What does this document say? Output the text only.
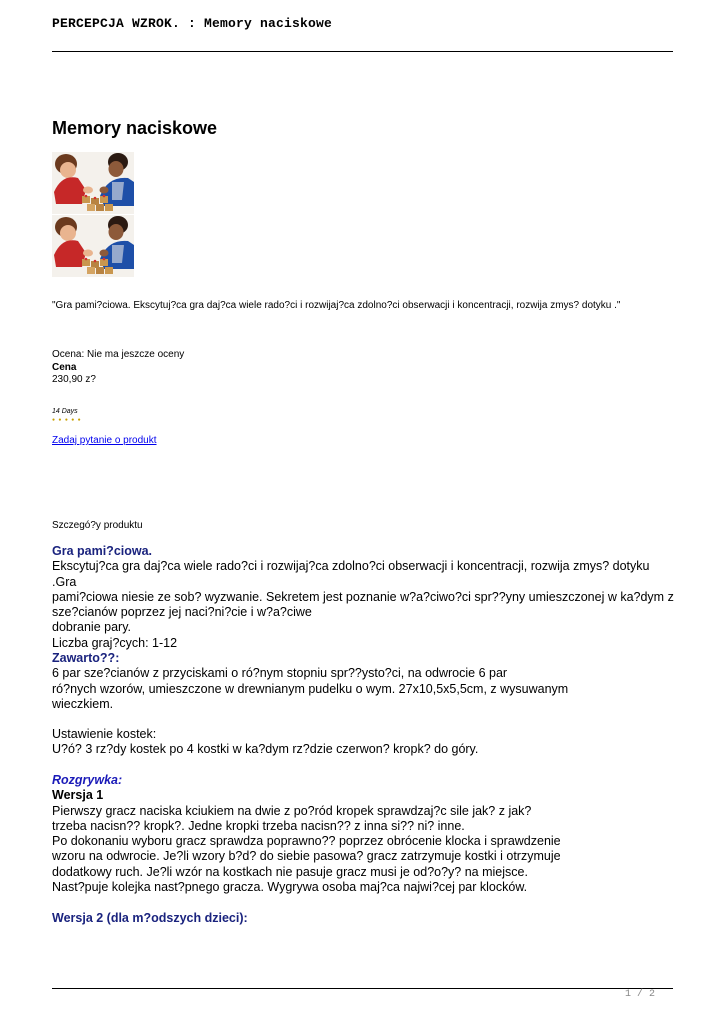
PERCEPCJA WZROK. : Memory naciskowe
Memory naciskowe

"Gra pami?ciowa. Ekscytuj?ca gra daj?ca wiele rado?ci i rozwijaj?ca zdolno?ci obserwacji i koncentracji, rozwija zmys? dotyku ."

Ocena: Nie ma jeszcze oceny
Cena
230,90 z?
14 Days
● ● ● ● ●
Zadaj pytanie o produkt
Szczegó?y produktu
Gra pami?ciowa.
Ekscytuj?ca gra daj?ca wiele rado?ci i rozwijaj?ca zdolno?ci obserwacji i koncentracji, rozwija zmys? dotyku .Gra
pami?ciowa niesie ze sob? wyzwanie. Sekretem jest poznanie w?a?ciwo?ci spr??yny umieszczonej w ka?dym z
sze?cianów poprzez jej naci?ni?cie i w?a?ciwe
dobranie pary.
Liczba graj?cych: 1-12
Zawarto??:
6 par sze?cianów z przyciskami o ró?nym stopniu spr??ysto?ci, na odwrocie 6 par
ró?nych wzorów, umieszczone w drewnianym pudelku o wym. 27x10,5x5,5cm, z wysuwanym
wieczkiem.
Ustawienie kostek:
U?ó? 3 rz?dy kostek po 4 kostki w ka?dym rz?dzie czerwon? kropk? do góry.
Rozgrywka:
Wersja 1
Pierwszy gracz naciska kciukiem na dwie z po?ród kropek sprawdzaj?c sile jak? z jak?
trzeba nacisn?? kropk?. Jedne kropki trzeba nacisn?? z inna si?? ni? inne.
Po dokonaniu wyboru gracz sprawdza poprawno?? poprzez obrócenie klocka i sprawdzenie
wzoru na odwrocie. Je?li wzory b?d? do siebie pasowa? gracz zatrzymuje kostki i otrzymuje
dodatkowy ruch. Je?li wzór na kostkach nie pasuje gracz musi je od?o?y? na miejsce.
Nast?puje kolejka nast?pnego gracza. Wygrywa osoba maj?ca najwi?cej par klocków.
Wersja 2 (dla m?odszych dzieci):
1 / 2
